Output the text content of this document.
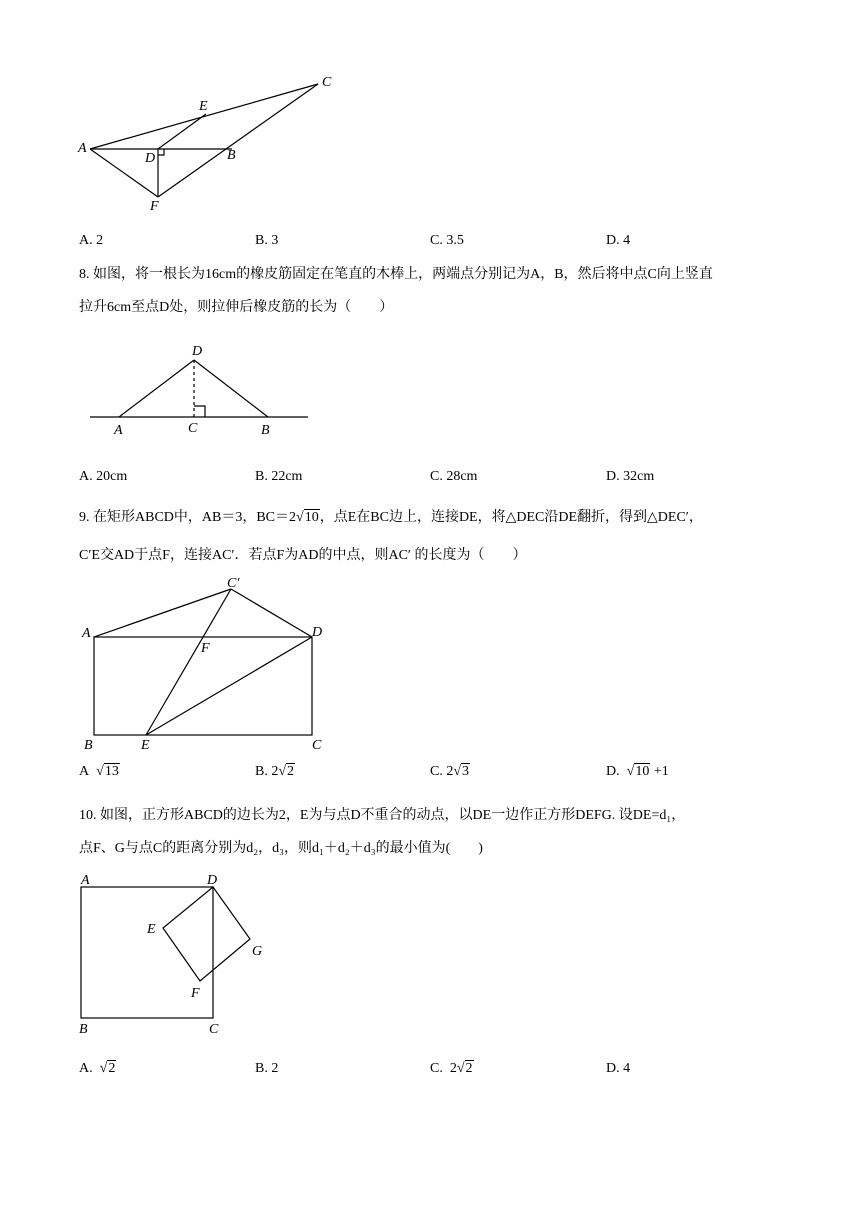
A	B
C
D
E
F
A. 2	B. 3	C. 3.5	D. 4
8. 如图，将一根长为16cm的橡皮筋固定在笔直的木棒上，两端点分别记为A，B，然后将中点C向上竖直
拉升6cm至点D处，则拉伸后橡皮筋的长为（　　）
A	C	B
D
A. 20cm	B. 22cm	C. 28cm	D. 32cm
9. 在矩形ABCD中，AB＝3，BC＝2√10，点E在BC边上，连接DE，将△DEC沿DE翻折，得到△DEC′，
C′E交AD于点F，连接AC′．若点F为AD的中点，则AC′ 的长度为（　　）
A
C′
D
F
B	E	C
A √13	B. 2√2	C. 2√3	D. √10 +1
10. 如图，正方形ABCD的边长为2，E为与点D不重合的动点，以DE一边作正方形DEFG. 设DE=d₁，
点F、G与点C的距离分别为d₂，d₃，则d₁＋d₂＋d₃的最小值为(　　)
A	D
E
G
F
B	C
A. √2	B. 2	C. 2√2	D. 4
